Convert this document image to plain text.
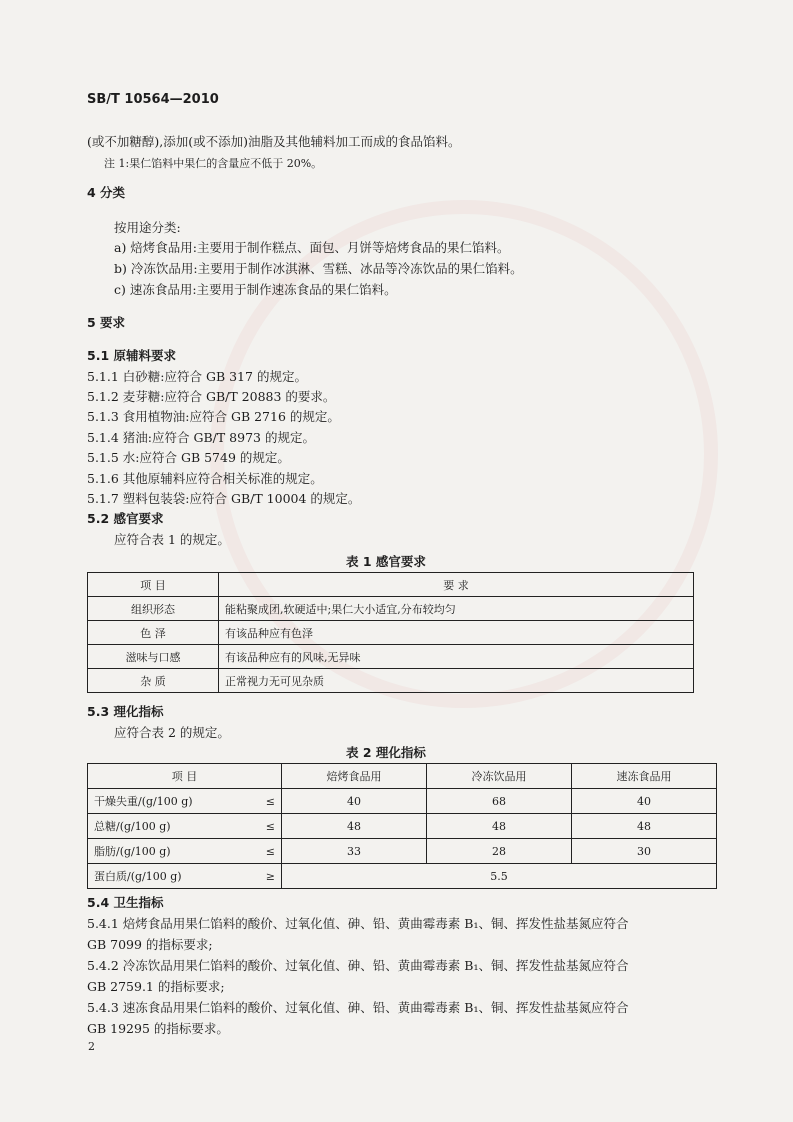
SB/T 10564—2010
(或不加糖醇),添加(或不添加)油脂及其他辅料加工而成的食品馅料。
注 1:果仁馅料中果仁的含量应不低于 20%。
4 分类
按用途分类:
a) 焙烤食品用:主要用于制作糕点、面包、月饼等焙烤食品的果仁馅料。
b) 冷冻饮品用:主要用于制作冰淇淋、雪糕、冰品等冷冻饮品的果仁馅料。
c) 速冻食品用:主要用于制作速冻食品的果仁馅料。
5 要求
5.1 原辅料要求
5.1.1 白砂糖:应符合 GB 317 的规定。
5.1.2 麦芽糖:应符合 GB/T 20883 的要求。
5.1.3 食用植物油:应符合 GB 2716 的规定。
5.1.4 猪油:应符合 GB/T 8973 的规定。
5.1.5 水:应符合 GB 5749 的规定。
5.1.6 其他原辅料应符合相关标准的规定。
5.1.7 塑料包装袋:应符合 GB/T 10004 的规定。
5.2 感官要求
应符合表 1 的规定。
表 1 感官要求
项 目	要 求
组织形态	能粘聚成团,软硬适中;果仁大小适宜,分布较均匀
色 泽	有该品种应有色泽
滋味与口感	有该品种应有的风味,无异味
杂 质	正常视力无可见杂质
5.3 理化指标
应符合表 2 的规定。
表 2 理化指标
项 目		焙烤食品用	冷冻饮品用	速冻食品用
干燥失重/(g/100 g)	≤	40	68	40
总糖/(g/100 g)	≤	48	48	48
脂肪/(g/100 g)	≤	33	28	30
蛋白质/(g/100 g)	≥	5.5		
5.4 卫生指标
5.4.1 焙烤食品用果仁馅料的酸价、过氧化值、砷、铅、黄曲霉毒素 B₁、铜、挥发性盐基氮应符合
GB 7099 的指标要求;
5.4.2 冷冻饮品用果仁馅料的酸价、过氧化值、砷、铅、黄曲霉毒素 B₁、铜、挥发性盐基氮应符合
GB 2759.1 的指标要求;
5.4.3 速冻食品用果仁馅料的酸价、过氧化值、砷、铅、黄曲霉毒素 B₁、铜、挥发性盐基氮应符合
GB 19295 的指标要求。
2
